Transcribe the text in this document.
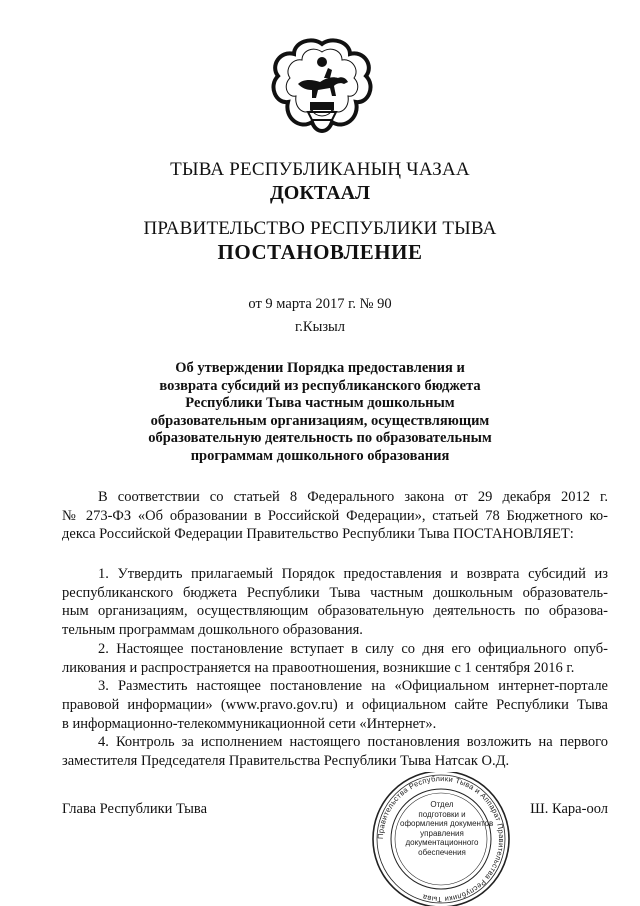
ТЫВА РЕСПУБЛИКАНЫҢ ЧАЗАА
ДОКТААЛ
ПРАВИТЕЛЬСТВО РЕСПУБЛИКИ ТЫВА
ПОСТАНОВЛЕНИЕ
от 9 марта 2017 г. № 90
г.Кызыл
Об утверждении Порядка предоставления и
возврата субсидий из республиканского бюджета
Республики Тыва частным дошкольным
образовательным организациям, осуществляющим
образовательную деятельность по образовательным
программам дошкольного образования
В соответствии со статьей 8 Федерального закона от 29 декабря 2012 г.
№ 273-ФЗ «Об образовании в Российской Федерации», статьей 78 Бюджетного ко-
декса Российской Федерации Правительство Республики Тыва ПОСТАНОВЛЯЕТ:
1. Утвердить прилагаемый Порядок предоставления и возврата субсидий из
республиканского бюджета Республики Тыва частным дошкольным образователь-
ным организациям, осуществляющим образовательную деятельность по образова-
тельным программам дошкольного образования.
2. Настоящее постановление вступает в силу со дня его официального опуб-
ликования и распространяется на правоотношения, возникшие с 1 сентября 2016 г.
3. Разместить настоящее постановление на «Официальном интернет-портале
правовой информации» (www.pravo.gov.ru) и официальном сайте Республики Тыва
в информационно-телекоммуникационной сети «Интернет».
4. Контроль за исполнением настоящего постановления возложить на первого
заместителя Председателя Правительства Республики Тыва Натсак О.Д.
Глава Республики Тыва	Ш. Кара-оол
Правительства Республики Тыва и Аппарат Правительства Республики Тыва
Отдел
подготовки и
оформления документов
управления
документационного
обеспечения
